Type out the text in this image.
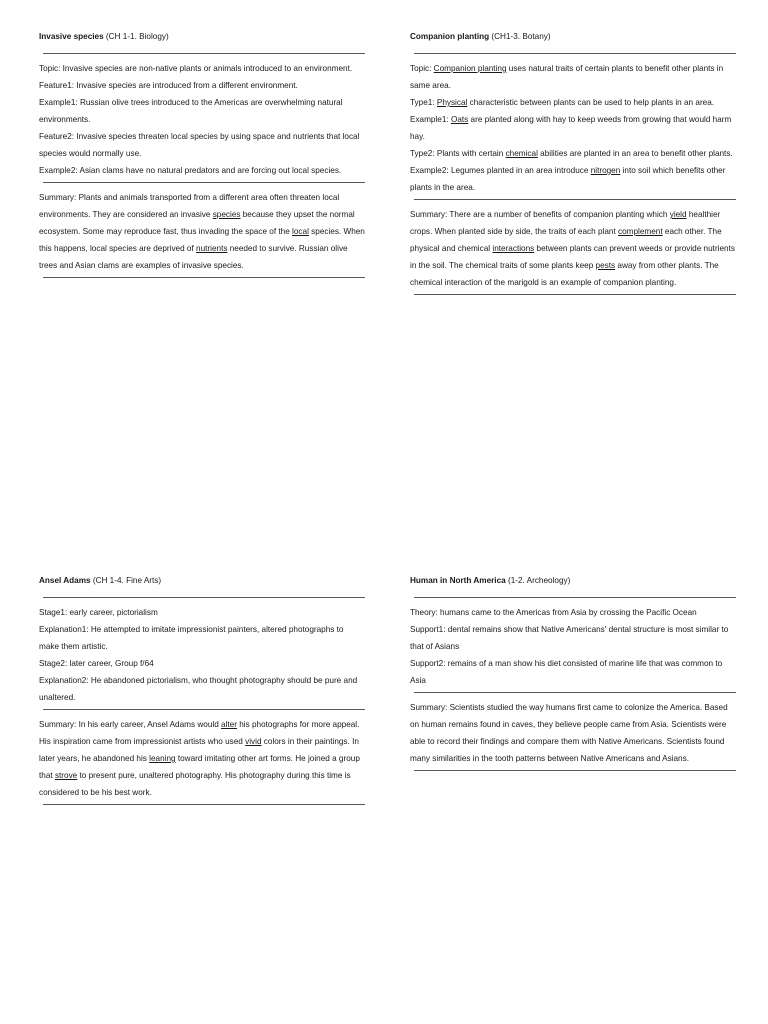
Invasive species (CH 1-1. Biology)

Topic: Invasive species are non-native plants or animals introduced to an environment.

Feature1: Invasive species are introduced from a different environment.

Example1: Russian olive trees introduced to the Americas are overwhelming natural environments.

Feature2: Invasive species threaten local species by using space and nutrients that local species would normally use.

Example2: Asian clams have no natural predators and are forcing out local species.

Summary: Plants and animals transported from a different area often threaten local environments. They are considered an invasive species because they upset the normal ecosystem. Some may reproduce fast, thus invading the space of the local species. When this happens, local species are deprived of nutrients needed to survive. Russian olive trees and Asian clams are examples of invasive species.

Companion planting (CH1-3. Botany)

Topic: Companion planting uses natural traits of certain plants to benefit other plants in same area.

Type1: Physical characteristic between plants can be used to help plants in an area.

Example1: Oats are planted along with hay to keep weeds from growing that would harm hay.

Type2: Plants with certain chemical abilities are planted in an area to benefit other plants.

Example2: Legumes planted in an area introduce nitrogen into soil which benefits other plants in the area.

Summary: There are a number of benefits of companion planting which yield healthier crops. When planted side by side, the traits of each plant complement each other. The physical and chemical interactions between plants can prevent weeds or provide nutrients in the soil. The chemical traits of some plants keep pests away from other plants. The chemical interaction of the marigold is an example of companion planting.

Ansel Adams (CH 1-4. Fine Arts)

Stage1: early career, pictorialism

Explanation1: He attempted to imitate impressionist painters, altered photographs to make them artistic.

Stage2: later career, Group f/64

Explanation2: He abandoned pictorialism, who thought photography should be pure and unaltered.

Summary: In his early career, Ansel Adams would alter his photographs for more appeal. His inspiration came from impressionist artists who used vivid colors in their paintings. In later years, he abandoned his leaning toward imitating other art forms. He joined a group that strove to present pure, unaltered photography. His photography during this time is considered to be his best work.

Human in North America (1-2. Archeology)

Theory: humans came to the Americas from Asia by crossing the Pacific Ocean

Support1: dental remains show that Native Americans' dental structure is most similar to that of Asians

Support2: remains of a man show his diet consisted of marine life that was common to Asia

Summary: Scientists studied the way humans first came to colonize the America. Based on human remains found in caves, they believe people came from Asia. Scientists were able to record their findings and compare them with Native Americans. Scientists found many similarities in the tooth patterns between Native Americans and Asians.
